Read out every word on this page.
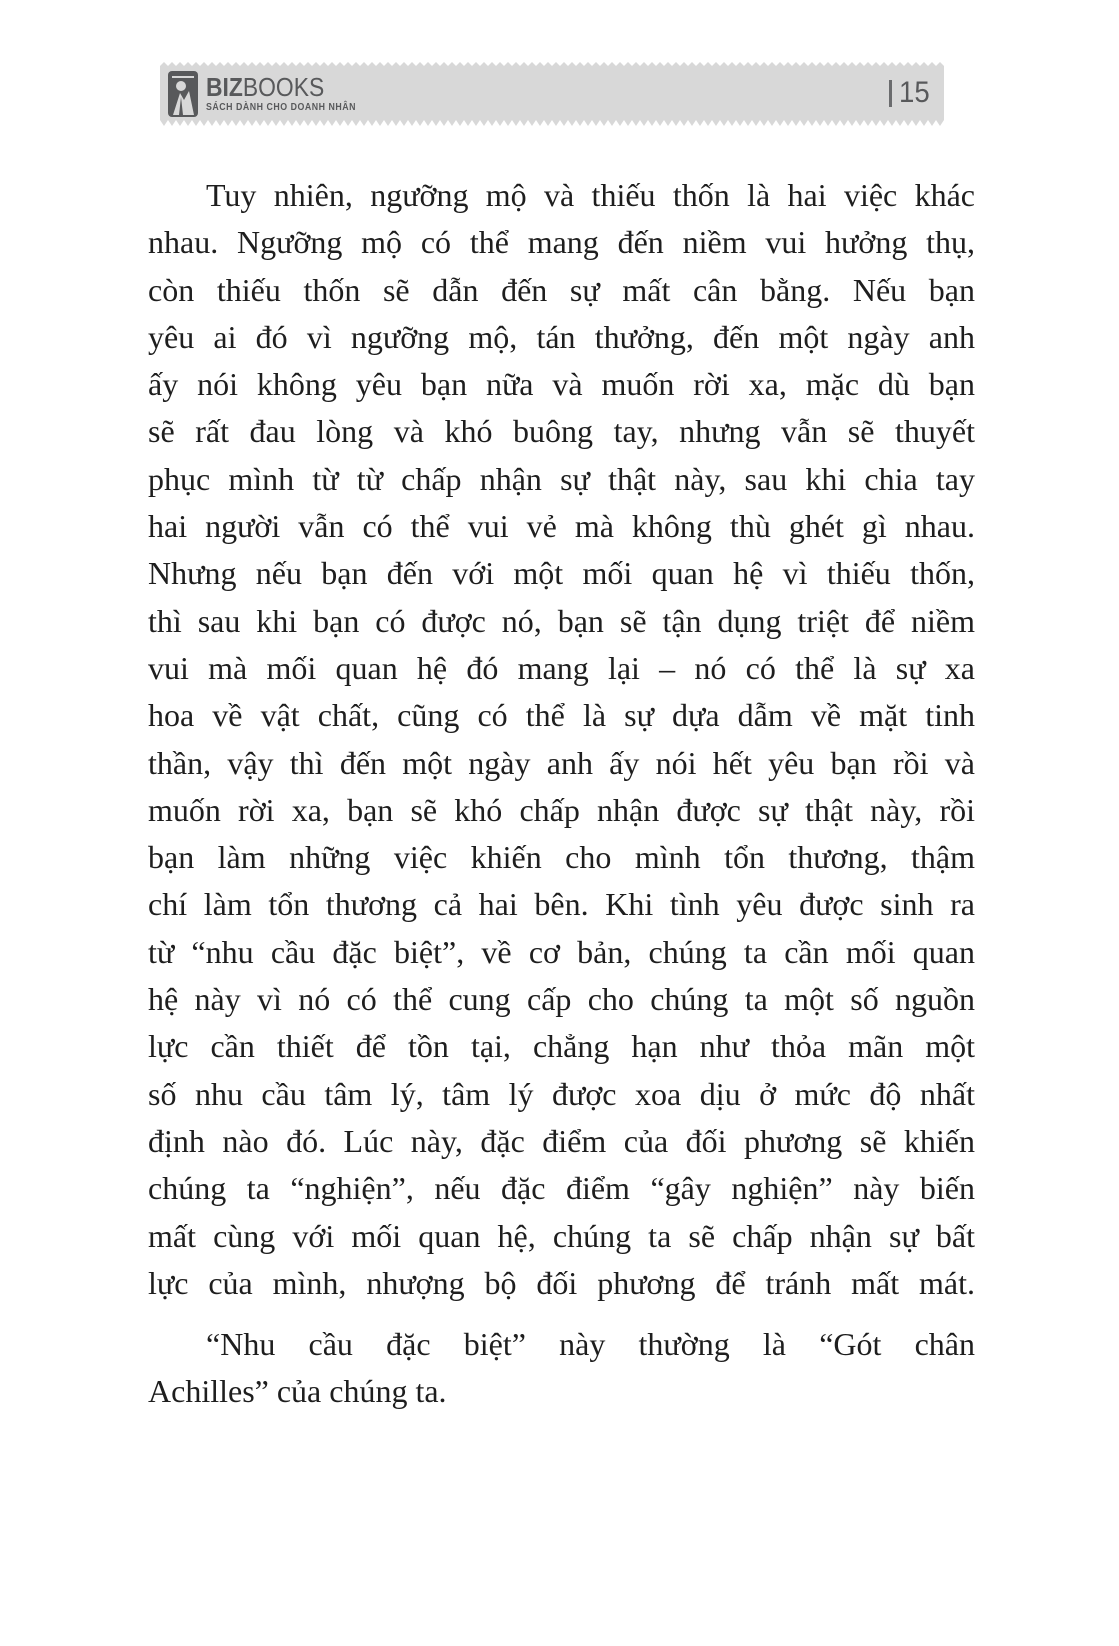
BIZBOOKS
SÁCH DÀNH CHO DOANH NHÂN	15
Tuy nhiên, ngưỡng mộ và thiếu thốn là hai việc khác
nhau. Ngưỡng mộ có thể mang đến niềm vui hưởng thụ,
còn thiếu thốn sẽ dẫn đến sự mất cân bằng. Nếu bạn
yêu ai đó vì ngưỡng mộ, tán thưởng, đến một ngày anh
ấy nói không yêu bạn nữa và muốn rời xa, mặc dù bạn
sẽ rất đau lòng và khó buông tay, nhưng vẫn sẽ thuyết
phục mình từ từ chấp nhận sự thật này, sau khi chia tay
hai người vẫn có thể vui vẻ mà không thù ghét gì nhau.
Nhưng nếu bạn đến với một mối quan hệ vì thiếu thốn,
thì sau khi bạn có được nó, bạn sẽ tận dụng triệt để niềm
vui mà mối quan hệ đó mang lại – nó có thể là sự xa
hoa về vật chất, cũng có thể là sự dựa dẫm về mặt tinh
thần, vậy thì đến một ngày anh ấy nói hết yêu bạn rồi và
muốn rời xa, bạn sẽ khó chấp nhận được sự thật này, rồi
bạn làm những việc khiến cho mình tổn thương, thậm
chí làm tổn thương cả hai bên. Khi tình yêu được sinh ra
từ “nhu cầu đặc biệt”, về cơ bản, chúng ta cần mối quan
hệ này vì nó có thể cung cấp cho chúng ta một số nguồn
lực cần thiết để tồn tại, chẳng hạn như thỏa mãn một
số nhu cầu tâm lý, tâm lý được xoa dịu ở mức độ nhất
định nào đó. Lúc này, đặc điểm của đối phương sẽ khiến
chúng ta “nghiện”, nếu đặc điểm “gây nghiện” này biến
mất cùng với mối quan hệ, chúng ta sẽ chấp nhận sự bất
lực của mình, nhượng bộ đối phương để tránh mất mát.
“Nhu cầu đặc biệt” này thường là “Gót chân
Achilles” của chúng ta.
